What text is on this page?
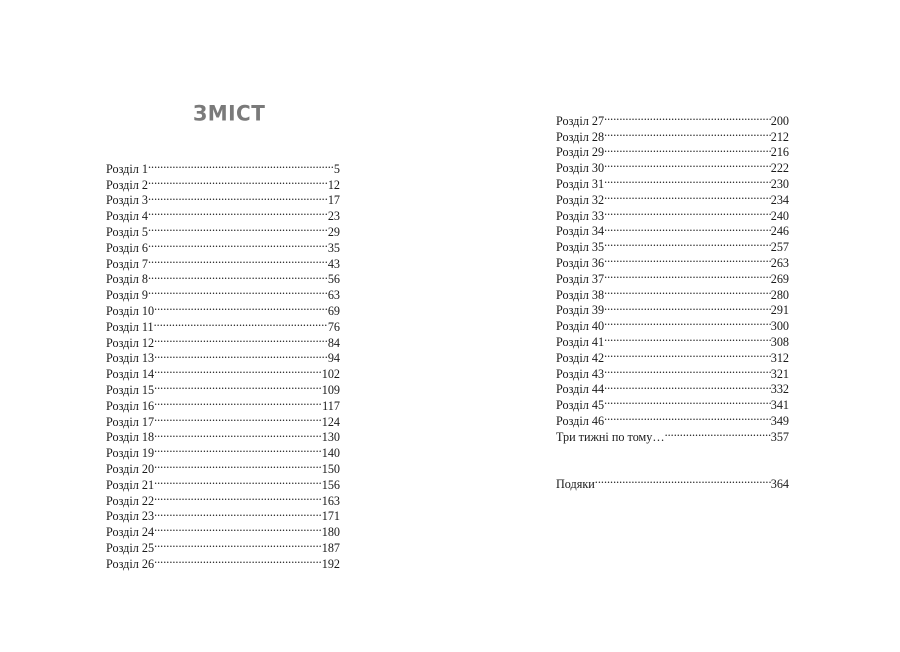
ЗМІСТ
Розділ 1 .....	5
Розділ 2 .....	12
Розділ 3 .....	17
Розділ 4 .....	23
Розділ 5 .....	29
Розділ 6 .....	35
Розділ 7 .....	43
Розділ 8 .....	56
Розділ 9 .....	63
Розділ 10 .....	69
Розділ 11 .....	76
Розділ 12 .....	84
Розділ 13 .....	94
Розділ 14 .....	102
Розділ 15 .....	109
Розділ 16 .....	117
Розділ 17 .....	124
Розділ 18 .....	130
Розділ 19 .....	140
Розділ 20 .....	150
Розділ 21 .....	156
Розділ 22 .....	163
Розділ 23 .....	171
Розділ 24 .....	180
Розділ 25 .....	187
Розділ 26 .....	192
Розділ 27 .....	200
Розділ 28 .....	212
Розділ 29 .....	216
Розділ 30 .....	222
Розділ 31 .....	230
Розділ 32 .....	234
Розділ 33 .....	240
Розділ 34 .....	246
Розділ 35 .....	257
Розділ 36 .....	263
Розділ 37 .....	269
Розділ 38 .....	280
Розділ 39 .....	291
Розділ 40 .....	300
Розділ 41 .....	308
Розділ 42 .....	312
Розділ 43 .....	321
Розділ 44 .....	332
Розділ 45 .....	341
Розділ 46 .....	349
Три тижні по тому… .....	357
Подяки .....	364
